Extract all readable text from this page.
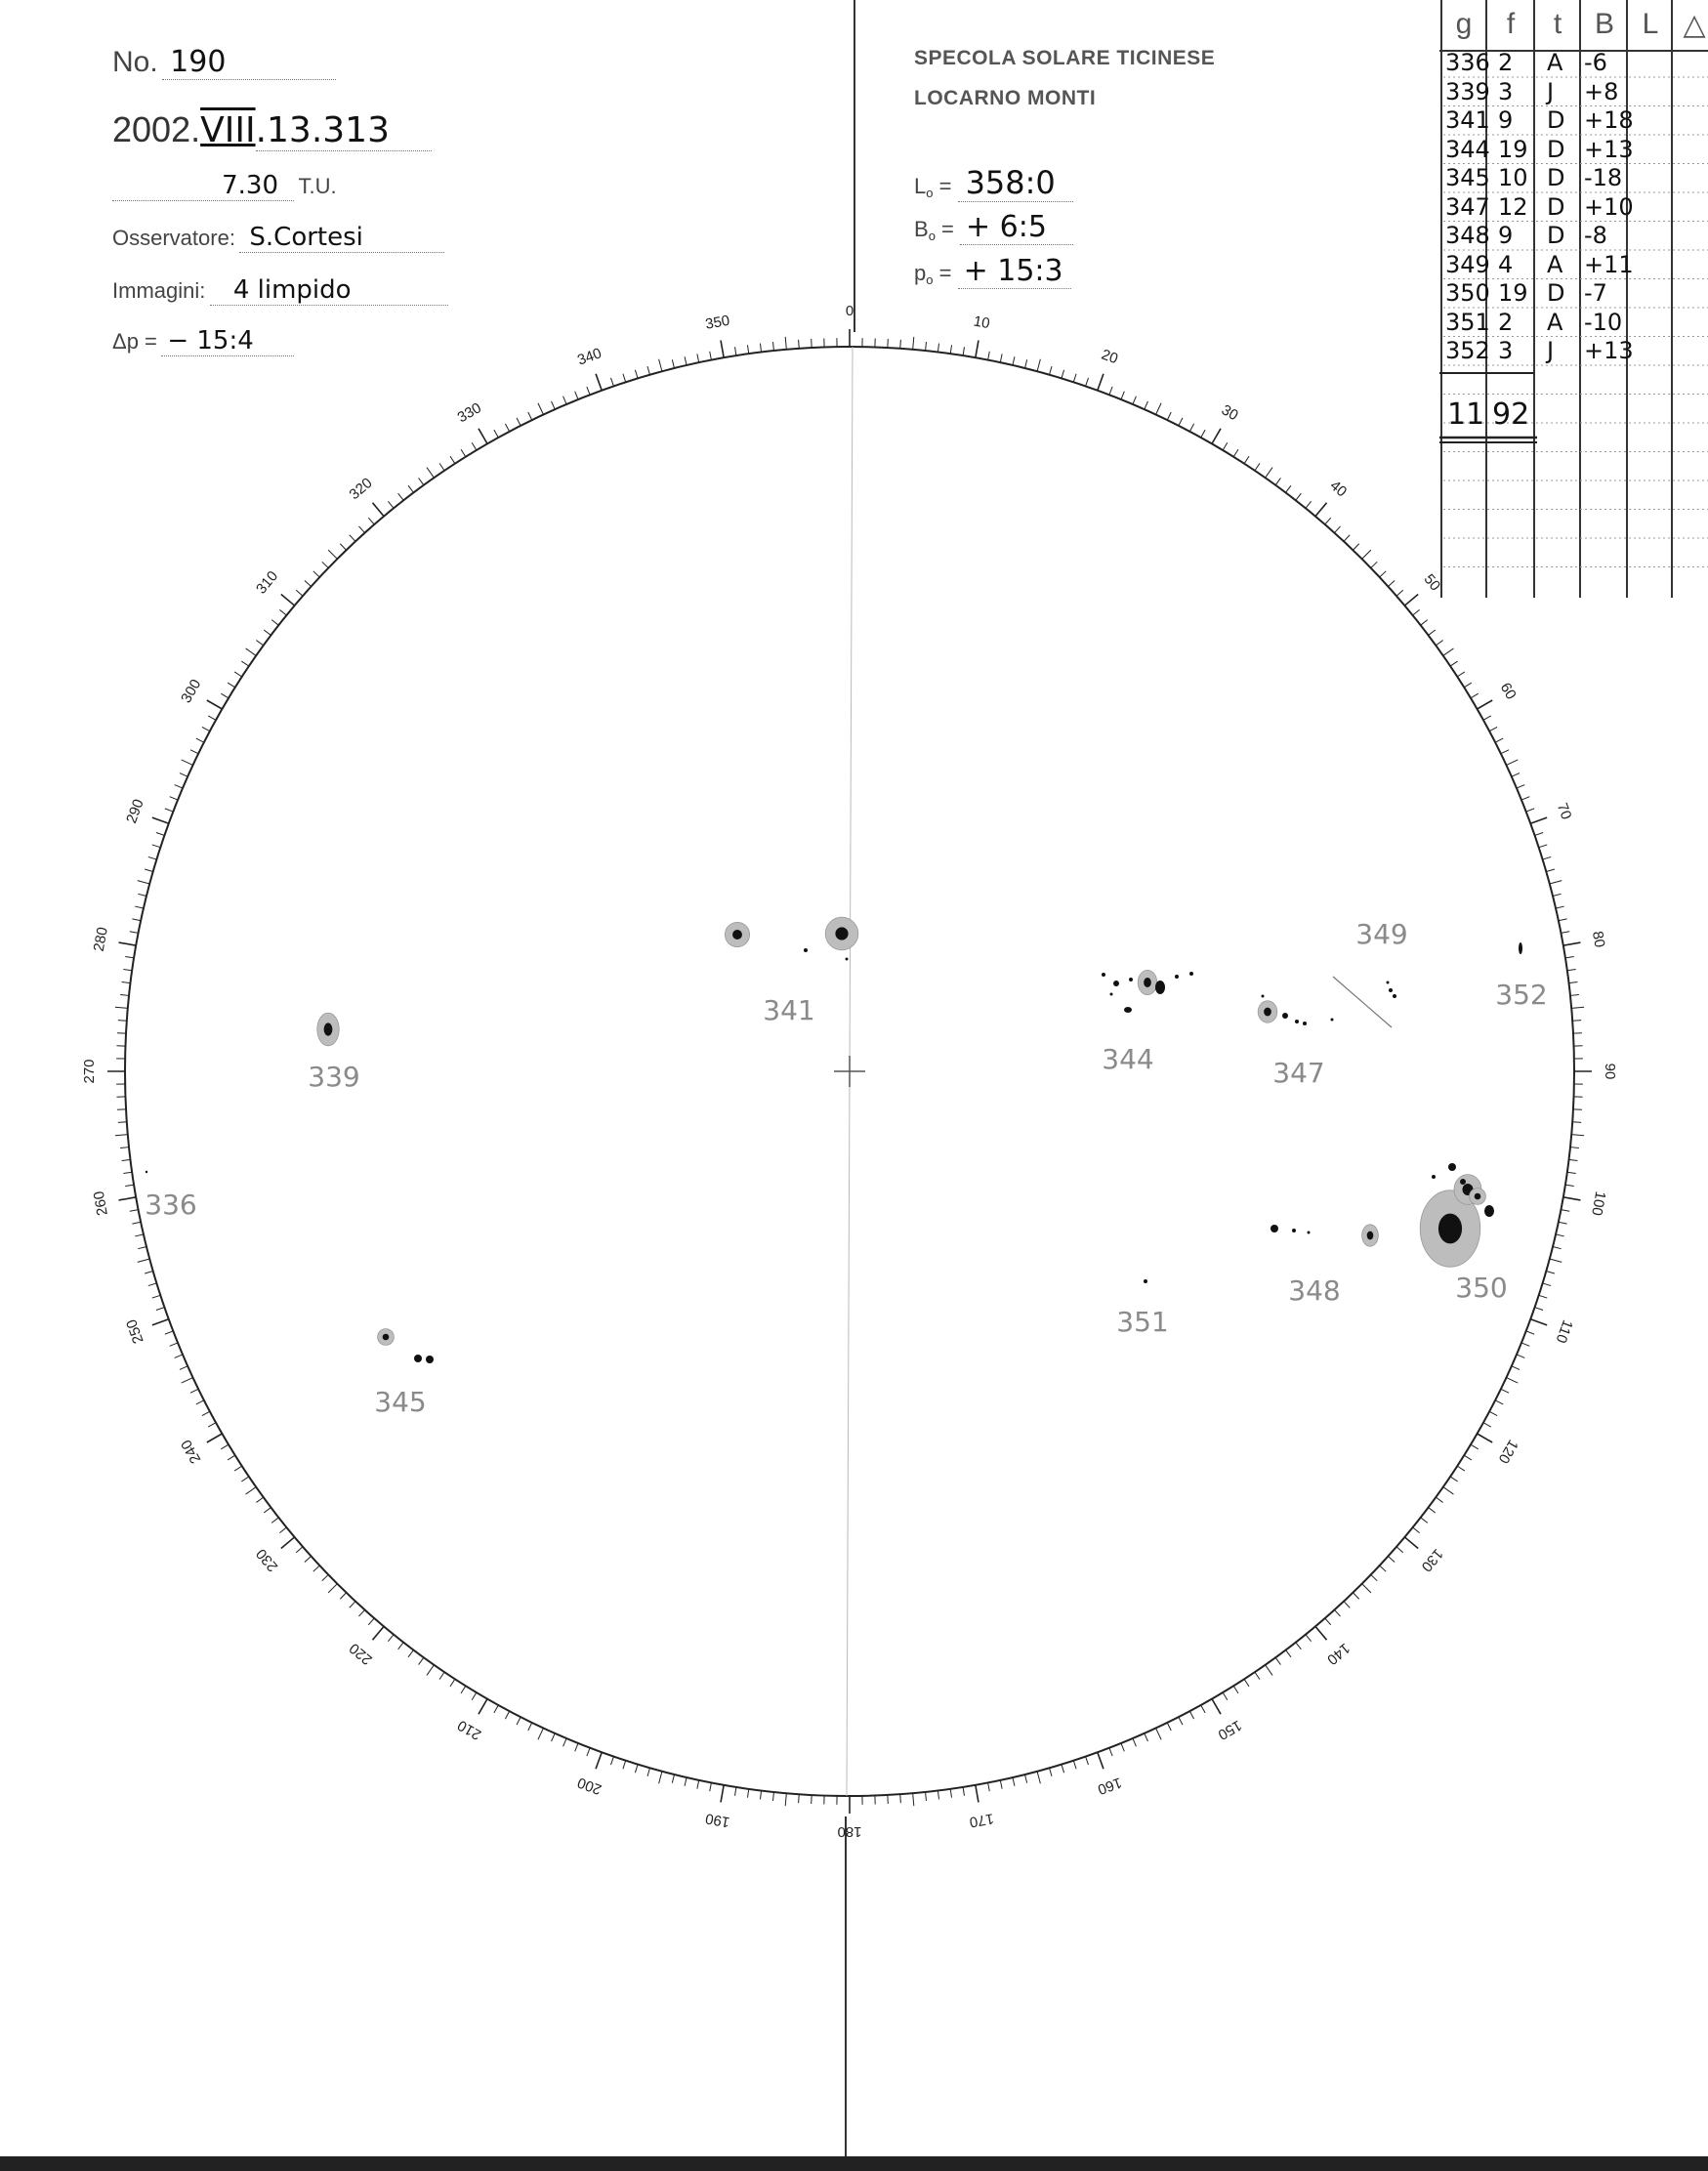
0
10
20
30
40
50
60
70
80
90
100
110
120
130
140
150
160
170
180
190
200
210
220
230
240
250
260
270
280
290
300
310
320
330
340
350
336
339
341
344
345
347
348
349
350
351
352
No. 190
2002.VIII.13.313
7.30 T.U.
Osservatore: S.Cortesi
Immagini: 4 limpido
Δp = − 15:4
SPECOLA SOLARE TICINESE
LOCARNO MONTI
$L_o$ = 358:0
$B_o$ = + 6:5
$p_o$ = + 15:3
g	f	t	B L △
336 2 A -6
339 3 J +8
341 9 D +18
344 19 D +13
345 10 D -18
347 12 D +10
348 9 D -8
349 4 A +11
350 19 D -7
351 2 A -10
352 3 J +13
11 92
